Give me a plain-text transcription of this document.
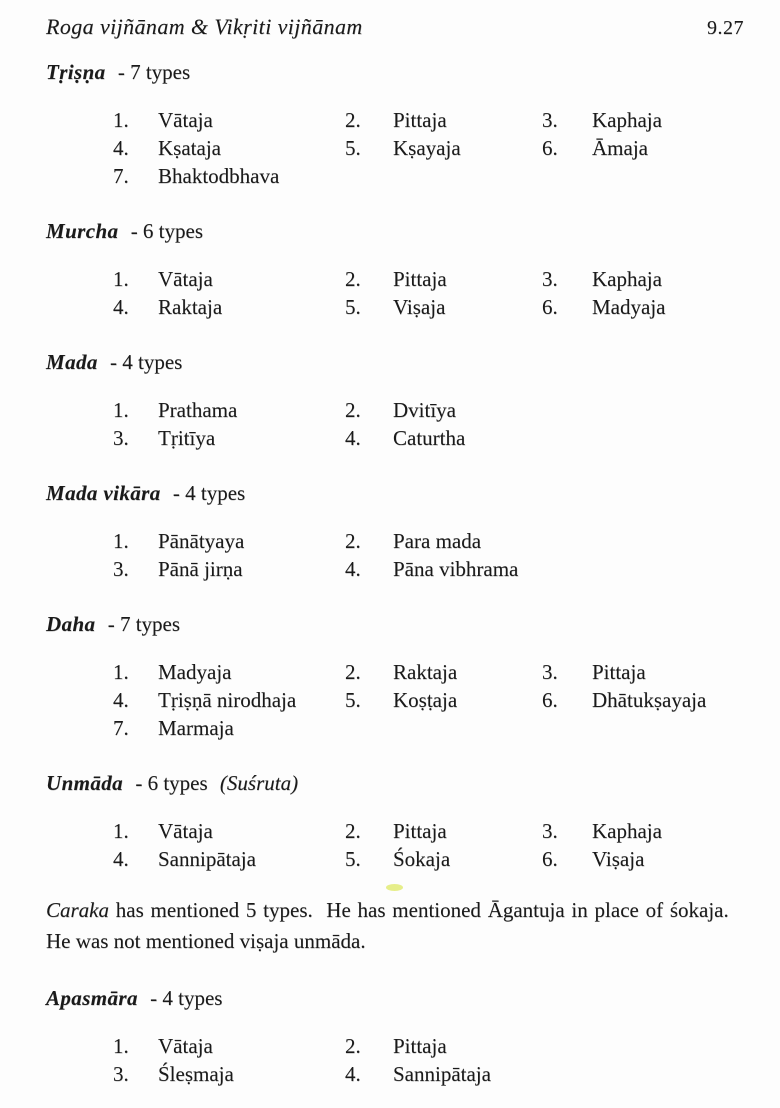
Roga vijñānam & Vikṛiti vijñānam	9.27
Tṛiṣṇa - 7 types
1.	Vātaja	2.	Pittaja	3.	Kaphaja
4.	Kṣataja	5.	Kṣayaja	6.	Āmaja
7.	Bhaktodbhava
Murcha - 6 types
1.	Vātaja	2.	Pittaja	3.	Kaphaja
4.	Raktaja	5.	Viṣaja	6.	Madyaja
Mada - 4 types
1.	Prathama	2.	Dvitīya
3.	Tṛitīya	4.	Caturtha
Mada vikāra - 4 types
1.	Pānātyaya	2.	Para mada
3.	Pānā jirṇa	4.	Pāna vibhrama
Daha - 7 types
1.	Madyaja	2.	Raktaja	3.	Pittaja
4.	Tṛiṣṇā nirodhaja	5.	Koṣṭaja	6.	Dhātukṣayaja
7.	Marmaja
Unmāda - 6 types (Suśruta)
1.	Vātaja	2.	Pittaja	3.	Kaphaja
4.	Sannipātaja	5.	Śokaja	6.	Viṣaja

Caraka has mentioned 5 types.  He has mentioned Āgantuja in place of śokaja.  He was not mentioned viṣaja unmāda.

Apasmāra - 4 types
1.	Vātaja	2.	Pittaja
3.	Śleṣmaja	4.	Sannipātaja
